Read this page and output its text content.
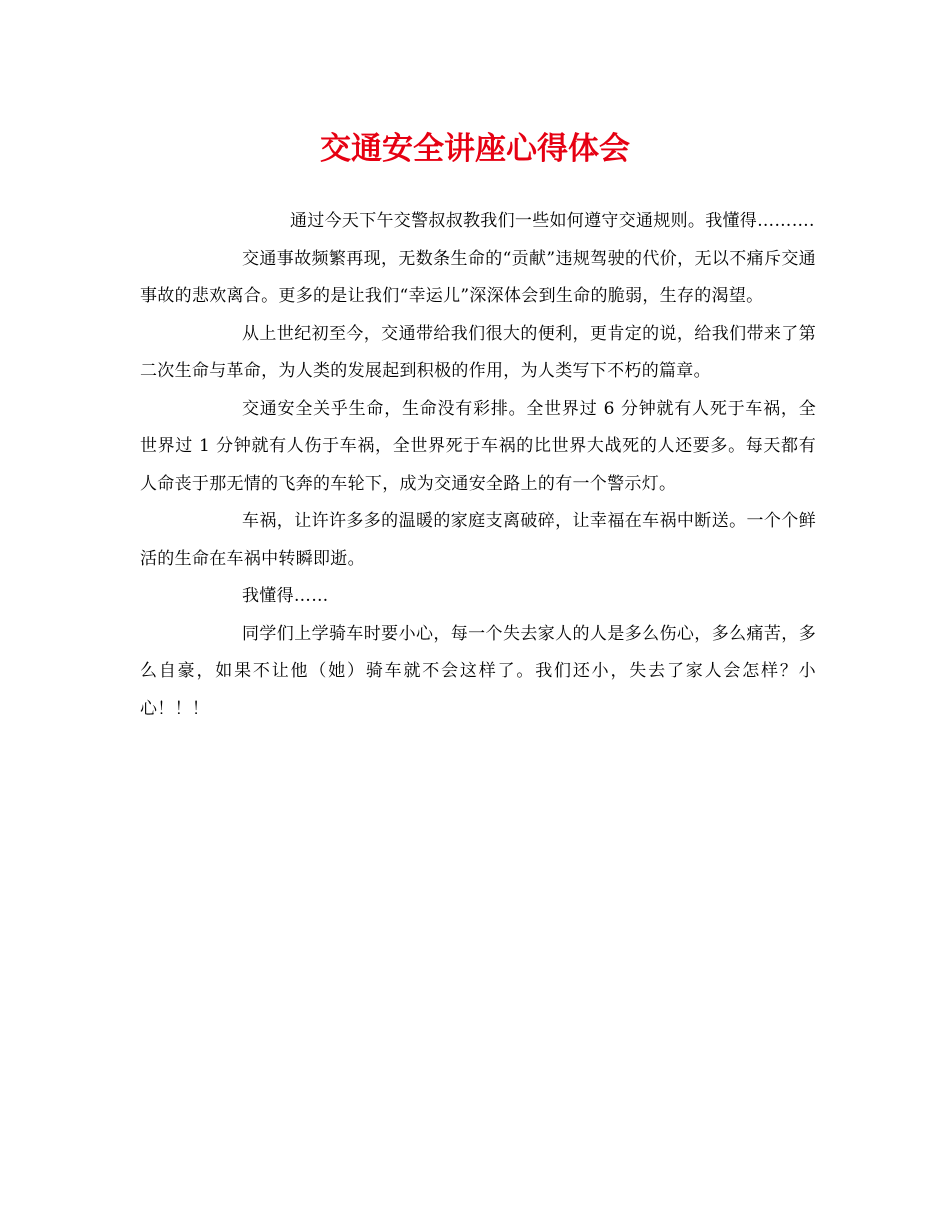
交通安全讲座心得体会

通过今天下午交警叔叔教我们一些如何遵守交通规则。我懂得……….

交通事故频繁再现，无数条生命的“贡献”违规驾驶的代价，无以不痛斥交通事故的悲欢离合。更多的是让我们“幸运儿”深深体会到生命的脆弱，生存的渴望。

从上世纪初至今，交通带给我们很大的便利，更肯定的说，给我们带来了第二次生命与革命，为人类的发展起到积极的作用，为人类写下不朽的篇章。

交通安全关乎生命，生命没有彩排。全世界过 6 分钟就有人死于车祸，全世界过 1 分钟就有人伤于车祸，全世界死于车祸的比世界大战死的人还要多。每天都有人命丧于那无情的飞奔的车轮下，成为交通安全路上的有一个警示灯。

车祸，让许许多多的温暖的家庭支离破碎，让幸福在车祸中断送。一个个鲜活的生命在车祸中转瞬即逝。

我懂得……

同学们上学骑车时要小心，每一个失去家人的人是多么伤心，多么痛苦，多么自豪，如果不让他（她）骑车就不会这样了。我们还小，失去了家人会怎样？小心！！！
